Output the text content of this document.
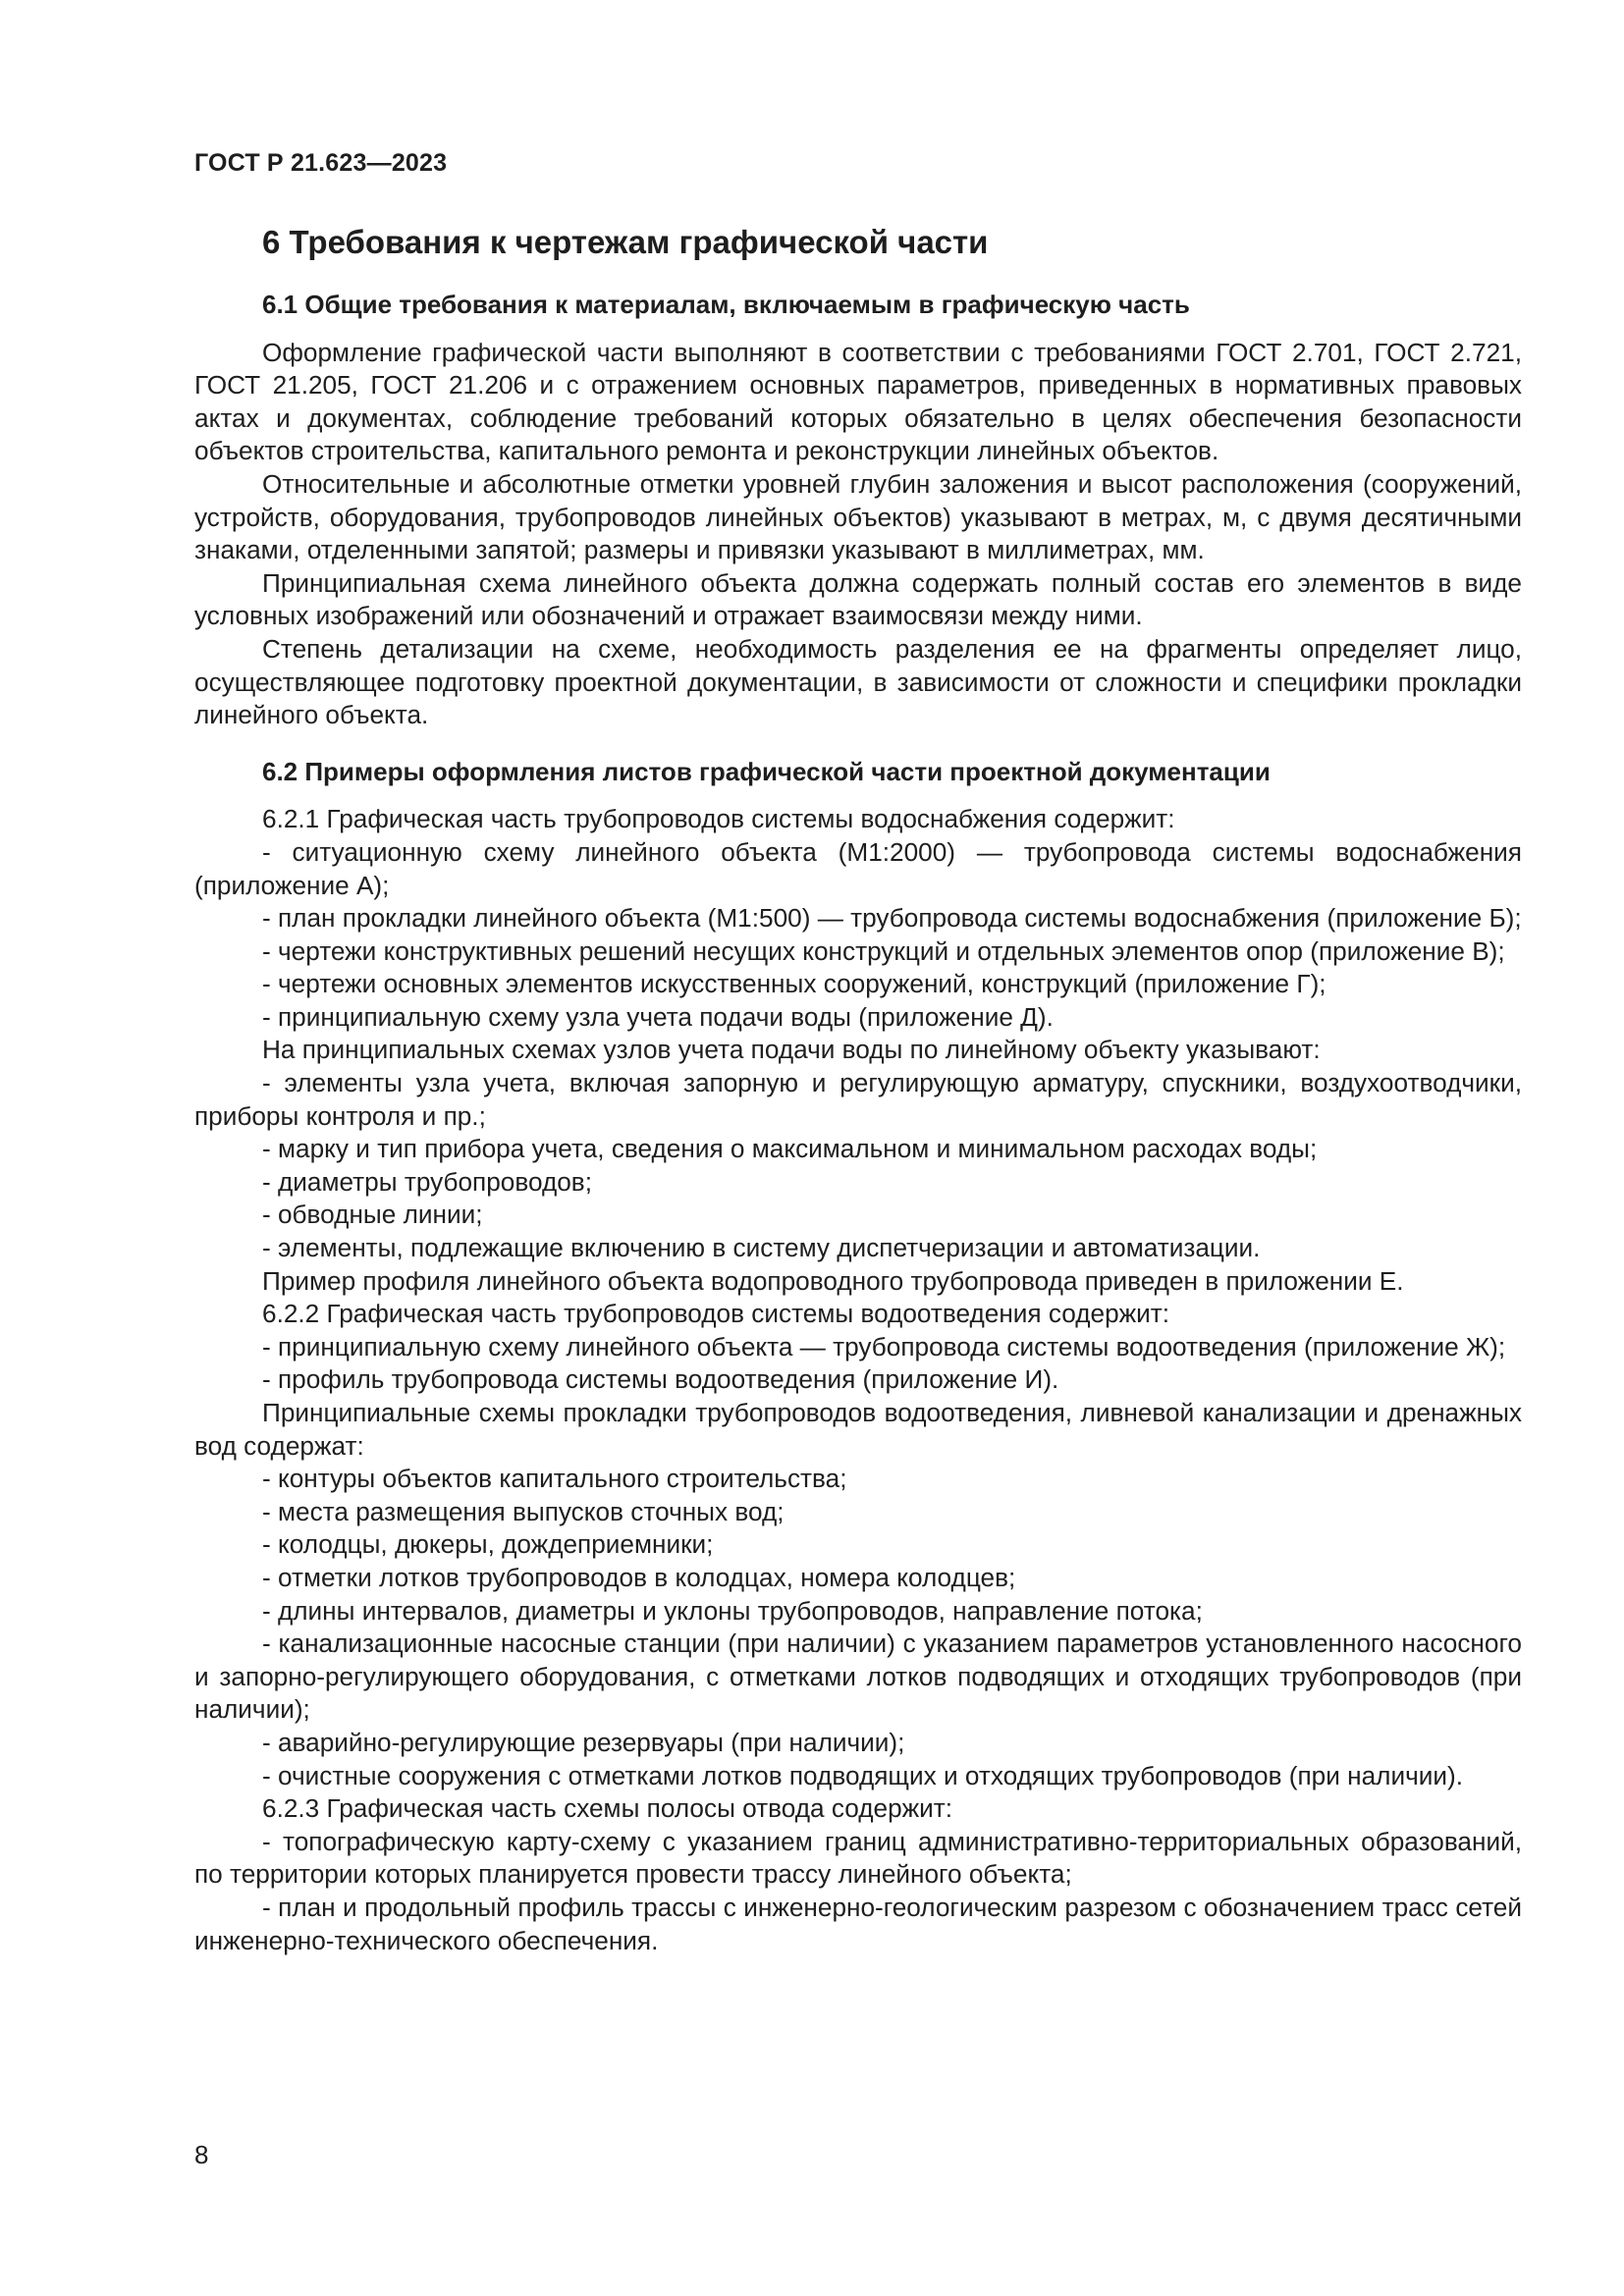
ГОСТ Р 21.623—2023
6 Требования к чертежам графической части

6.1 Общие требования к материалам, включаемым в графическую часть

Оформление графической части выполняют в соответствии с требованиями ГОСТ 2.701, ГОСТ 2.721, ГОСТ 21.205, ГОСТ 21.206 и с отражением основных параметров, приведенных в нормативных правовых актах и документах, соблюдение требований которых обязательно в целях обеспечения безопасности объектов строительства, капитального ремонта и реконструкции линейных объектов.

Относительные и абсолютные отметки уровней глубин заложения и высот расположения (сооружений, устройств, оборудования, трубопроводов линейных объектов) указывают в метрах, м, с двумя десятичными знаками, отделенными запятой; размеры и привязки указывают в миллиметрах, мм.

Принципиальная схема линейного объекта должна содержать полный состав его элементов в виде условных изображений или обозначений и отражает взаимосвязи между ними.

Степень детализации на схеме, необходимость разделения ее на фрагменты определяет лицо, осуществляющее подготовку проектной документации, в зависимости от сложности и специфики прокладки линейного объекта.

6.2 Примеры оформления листов графической части проектной документации

6.2.1 Графическая часть трубопроводов системы водоснабжения содержит:

- ситуационную схему линейного объекта (М1:2000) — трубопровода системы водоснабжения (приложение А);

- план прокладки линейного объекта (М1:500) — трубопровода системы водоснабжения (приложение Б);

- чертежи конструктивных решений несущих конструкций и отдельных элементов опор (приложение В);

- чертежи основных элементов искусственных сооружений, конструкций (приложение Г);

- принципиальную схему узла учета подачи воды (приложение Д).

На принципиальных схемах узлов учета подачи воды по линейному объекту указывают:

- элементы узла учета, включая запорную и регулирующую арматуру, спускники, воздухоотводчики, приборы контроля и пр.;

- марку и тип прибора учета, сведения о максимальном и минимальном расходах воды;

- диаметры трубопроводов;

- обводные линии;

- элементы, подлежащие включению в систему диспетчеризации и автоматизации.

Пример профиля линейного объекта водопроводного трубопровода приведен в приложении Е.

6.2.2 Графическая часть трубопроводов системы водоотведения содержит:

- принципиальную схему линейного объекта — трубопровода системы водоотведения (приложение Ж);

- профиль трубопровода системы водоотведения (приложение И).

Принципиальные схемы прокладки трубопроводов водоотведения, ливневой канализации и дренажных вод содержат:

- контуры объектов капитального строительства;

- места размещения выпусков сточных вод;

- колодцы, дюкеры, дождеприемники;

- отметки лотков трубопроводов в колодцах, номера колодцев;

- длины интервалов, диаметры и уклоны трубопроводов, направление потока;

- канализационные насосные станции (при наличии) с указанием параметров установленного насосного и запорно-регулирующего оборудования, с отметками лотков подводящих и отходящих трубопроводов (при наличии);

- аварийно-регулирующие резервуары (при наличии);

- очистные сооружения с отметками лотков подводящих и отходящих трубопроводов (при наличии).

6.2.3 Графическая часть схемы полосы отвода содержит:

- топографическую карту-схему с указанием границ административно-территориальных образований, по территории которых планируется провести трассу линейного объекта;

- план и продольный профиль трассы с инженерно-геологическим разрезом с обозначением трасс сетей инженерно-технического обеспечения.

8
